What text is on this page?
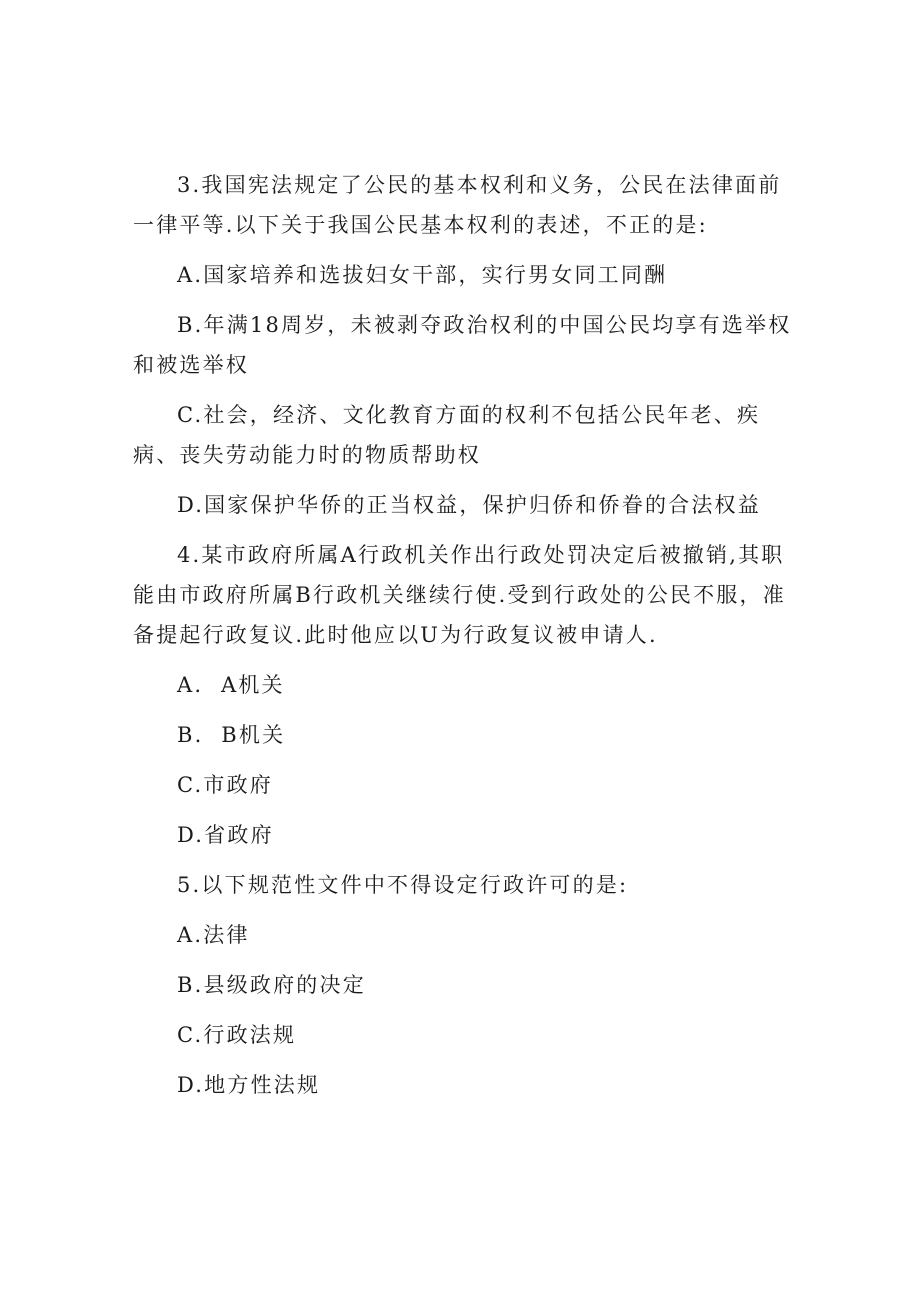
3.我国宪法规定了公民的基本权利和义务，公民在法律面前一律平等.以下关于我国公民基本权利的表述，不正的是:
A.国家培养和选拔妇女干部，实行男女同工同酬
B.年满18周岁，未被剥夺政治权利的中国公民均享有选举权和被选举权
C.社会，经济、文化教育方面的权利不包括公民年老、疾病、丧失劳动能力时的物质帮助权
D.国家保护华侨的正当权益，保护归侨和侨眷的合法权益
4.某市政府所属A行政机关作出行政处罚决定后被撤销,其职能由市政府所属B行政机关继续行使.受到行政处的公民不服，准备提起行政复议.此时他应以U为行政复议被申请人.
A.  A机关
B.  B机关
C.市政府
D.省政府
5.以下规范性文件中不得设定行政许可的是:
A.法律
B.县级政府的决定
C.行政法规
D.地方性法规
